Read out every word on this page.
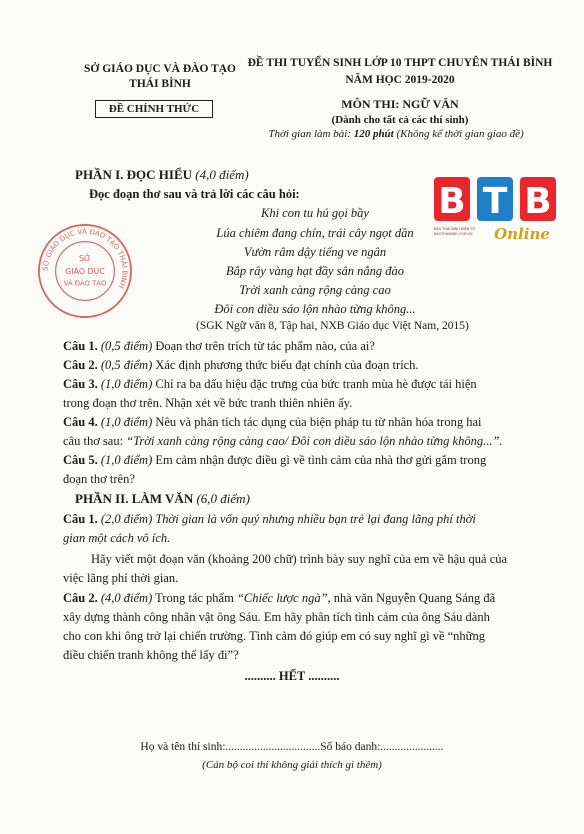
SỞ GIÁO DỤC VÀ ĐÀO TẠO
THÁI BÌNH
ĐỀ CHÍNH THỨC
ĐỀ THI TUYỂN SINH LỚP 10 THPT CHUYÊN THÁI BÌNH
NĂM HỌC 2019-2020
MÔN THI: NGỮ VĂN
(Dành cho tất cả các thí sinh)
Thời gian làm bài: 120 phút (Không kể thời gian giao đề)
SỞ GIÁO DỤC VÀ ĐÀO TẠO THÁI BÌNH
SỞ
GIÁO DỤC
VÀ ĐÀO TẠO
B T B
BÁO THÁI BÌNH ĐIỆN TỬ
BAOTHAIBINH.COM.VN Online
PHẦN I. ĐỌC HIỂU (4,0 điểm)
Đọc đoạn thơ sau và trả lời các câu hỏi:
Khi con tu hú gọi bầy
Lúa chiêm đang chín, trái cây ngọt dần
Vườn râm dậy tiếng ve ngân
Bắp rây vàng hạt đầy sân nắng đào
Trời xanh càng rộng càng cao
Đôi con diều sáo lộn nhào từng không...
(SGK Ngữ văn 8, Tập hai, NXB Giáo dục Việt Nam, 2015)
Câu 1. (0,5 điểm) Đoạn thơ trên trích từ tác phẩm nào, của ai?
Câu 2. (0,5 điểm) Xác định phương thức biểu đạt chính của đoạn trích.
Câu 3. (1,0 điểm) Chỉ ra ba dấu hiệu đặc trưng của bức tranh mùa hè được tái hiện
trong đoạn thơ trên. Nhận xét về bức tranh thiên nhiên ấy.
Câu 4. (1,0 điểm) Nêu và phân tích tác dụng của biện pháp tu từ nhân hóa trong hai
câu thơ sau: “Trời xanh càng rộng càng cao/ Đôi con diều sáo lộn nhào từng không...”.
Câu 5. (1,0 điểm) Em cảm nhận được điều gì về tình cảm của nhà thơ gửi gắm trong
đoạn thơ trên?
PHẦN II. LÀM VĂN (6,0 điểm)
Câu 1. (2,0 điểm) Thời gian là vốn quý nhưng nhiều bạn trẻ lại đang lãng phí thời
gian một cách vô ích.
Hãy viết một đoạn văn (khoảng 200 chữ) trình bày suy nghĩ của em về hậu quả của
việc lãng phí thời gian.
Câu 2. (4,0 điểm) Trong tác phẩm “Chiếc lược ngà”, nhà văn Nguyễn Quang Sáng đã
xây dựng thành công nhân vật ông Sáu. Em hãy phân tích tình cảm của ông Sáu dành
cho con khi ông trở lại chiến trường. Tình cảm đó giúp em có suy nghĩ gì về “những
điều chiến tranh không thể lấy đi”?
.......... HẾT ..........
Họ và tên thí sinh:.................................Số báo danh:......................
(Cán bộ coi thi không giải thích gì thêm)
